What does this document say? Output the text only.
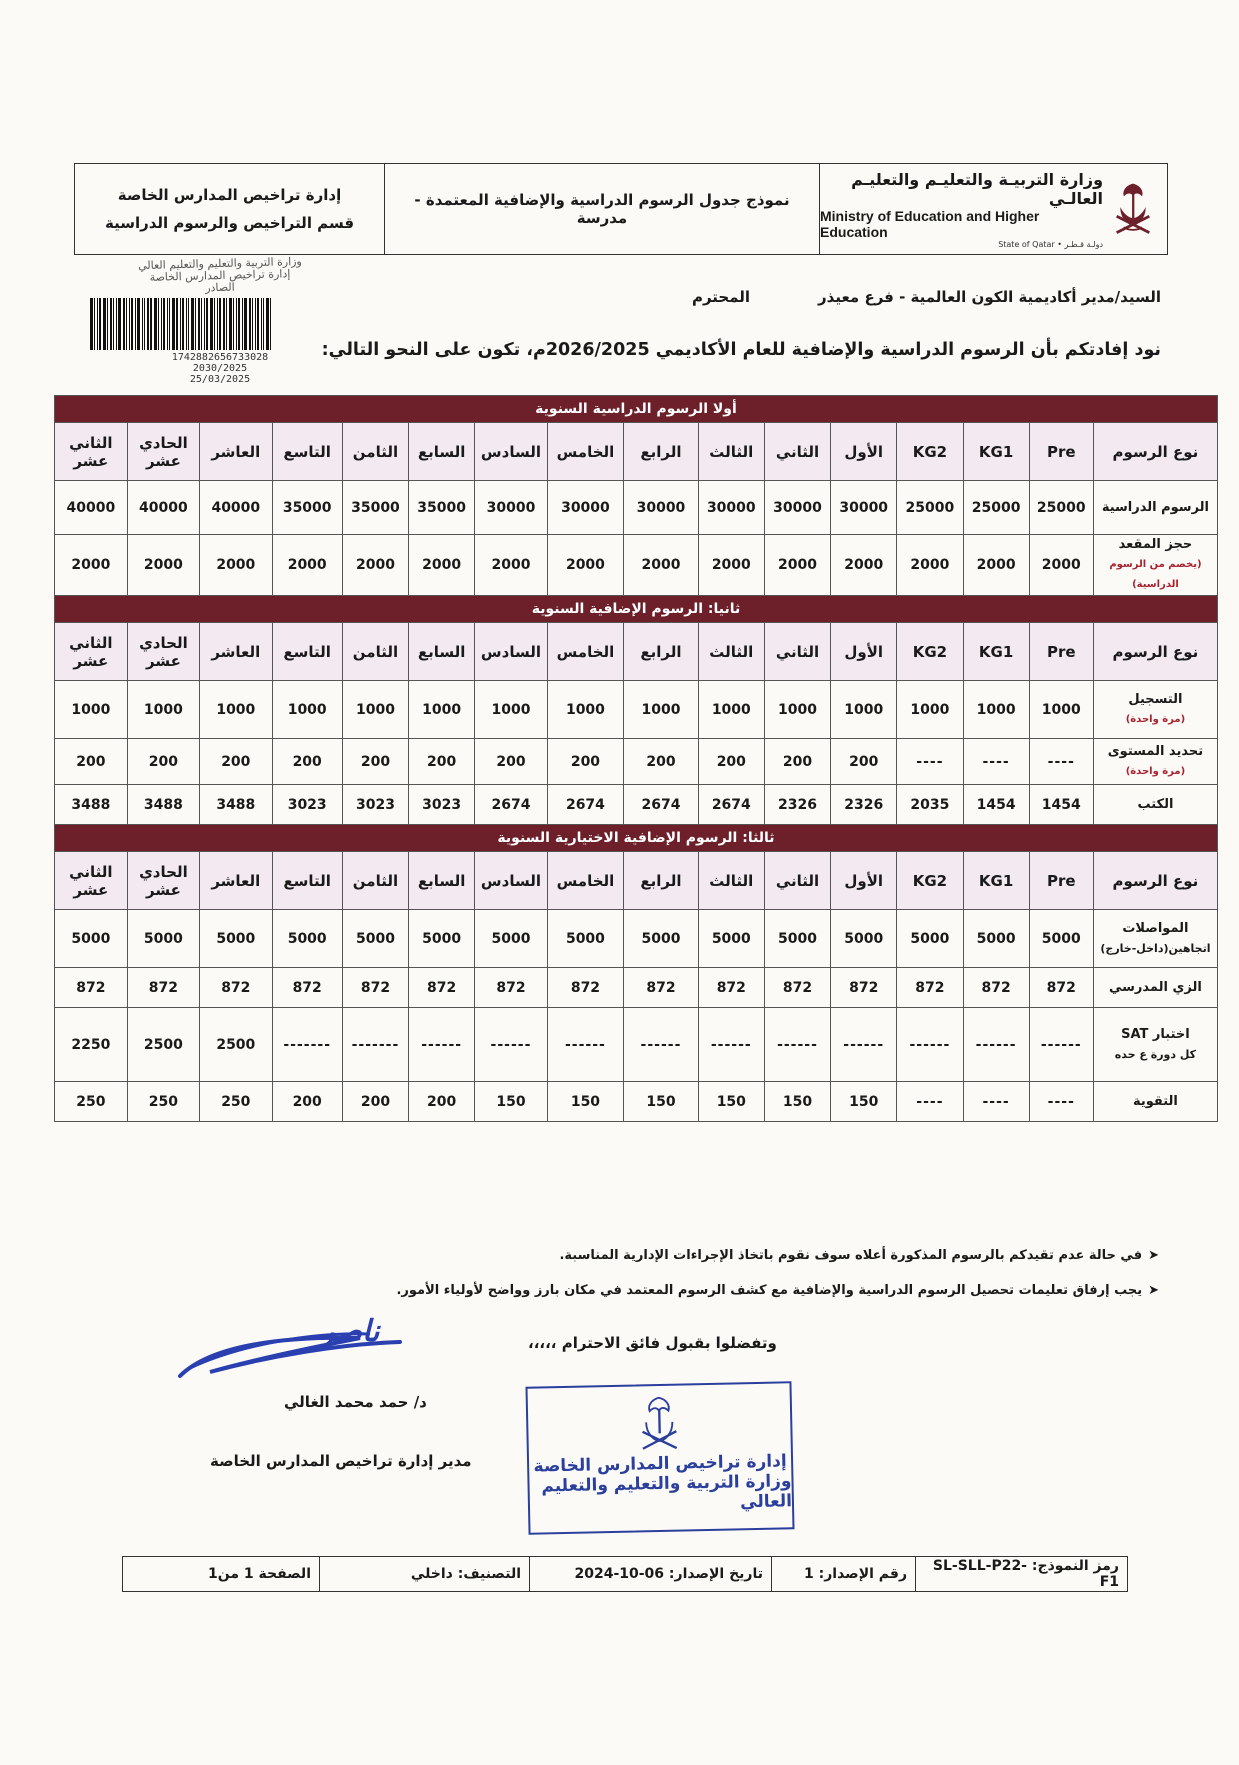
إدارة تراخيص المدارس الخاصة
قسم التراخيص والرسوم الدراسية
نموذج جدول الرسوم الدراسية والإضافية المعتمدة - مدرسة
وزارة التربيـة والتعليـم والتعليـم العالـي
Ministry of Education and Higher Education
State of Qatar • دولـة قـطـر
وزارة التربية والتعليم والتعليم العالي
إدارة تراخيص المدارس الخاصة
الصادر
1742882656733028
2030/2025
25/03/2025
السيد/مدير أكاديمية الكون العالمية - فرع معيذر
المحترم
نود إفادتكم بأن الرسوم الدراسية والإضافية للعام الأكاديمي 2026/2025م، تكون على النحو التالي:
أولا الرسوم الدراسية السنوية															
نوع الرسوم	Pre	KG1	KG2	الأول	الثاني	الثالث	الرابع	الخامس	السادس	السابع	الثامن	التاسع	العاشر	الحادي عشر	الثاني عشر

الرسوم الدراسية	25000	25000	25000	30000	30000	30000	30000	30000	30000	35000	35000	35000	40000	40000	40000

حجز المقعد
(يخصم من الرسوم الدراسية)	2000	2000	2000	2000	2000	2000	2000	2000	2000	2000	2000	2000	2000	2000	2000
ثانيا: الرسوم الإضافية السنوية															
نوع الرسوم	Pre	KG1	KG2	الأول	الثاني	الثالث	الرابع	الخامس	السادس	السابع	الثامن	التاسع	العاشر	الحادي عشر	الثاني عشر

التسجيل
(مرة واحدة)	1000	1000	1000	1000	1000	1000	1000	1000	1000	1000	1000	1000	1000	1000	1000

تحديد المستوى
(مرة واحدة)	----	----	----	200	200	200	200	200	200	200	200	200	200	200	200

الكتب	1454	1454	2035	2326	2326	2674	2674	2674	2674	3023	3023	3023	3488	3488	3488
ثالثا: الرسوم الإضافية الاختيارية السنوية															
نوع الرسوم	Pre	KG1	KG2	الأول	الثاني	الثالث	الرابع	الخامس	السادس	السابع	الثامن	التاسع	العاشر	الحادي عشر	الثاني عشر

المواصلات
اتجاهين(داخل-خارج)	5000	5000	5000	5000	5000	5000	5000	5000	5000	5000	5000	5000	5000	5000	5000

الزي المدرسي	872	872	872	872	872	872	872	872	872	872	872	872	872	872	872

اختبار SAT
كل دورة ع حده	------	------	------	------	------	------	------	------	------	------	-------	-------	2500	2500	2250

التقوية	----	----	----	150	150	150	150	150	150	200	200	200	250	250	250
➤
في حالة عدم تقيدكم بالرسوم المذكورة أعلاه سوف نقوم باتخاذ الإجراءات الإدارية المناسبة.
➤
يجب إرفاق تعليمات تحصيل الرسوم الدراسية والإضافية مع كشف الرسوم المعتمد في مكان بارز وواضح لأولياء الأمور.
وتفضلوا بقبول فائق الاحترام ،،،،،
ناصر
د/ حمد محمد الغالي
مدير إدارة تراخيص المدارس الخاصة	إدارة تراخيص المدارس الخاصة
وزارة التربية والتعليم والتعليم العالي
رمز النموذج: SL-SLL-P22-F1
رقم الإصدار: 1
تاريخ الإصدار: 06-10-2024
التصنيف: داخلي
الصفحة 1 من1
